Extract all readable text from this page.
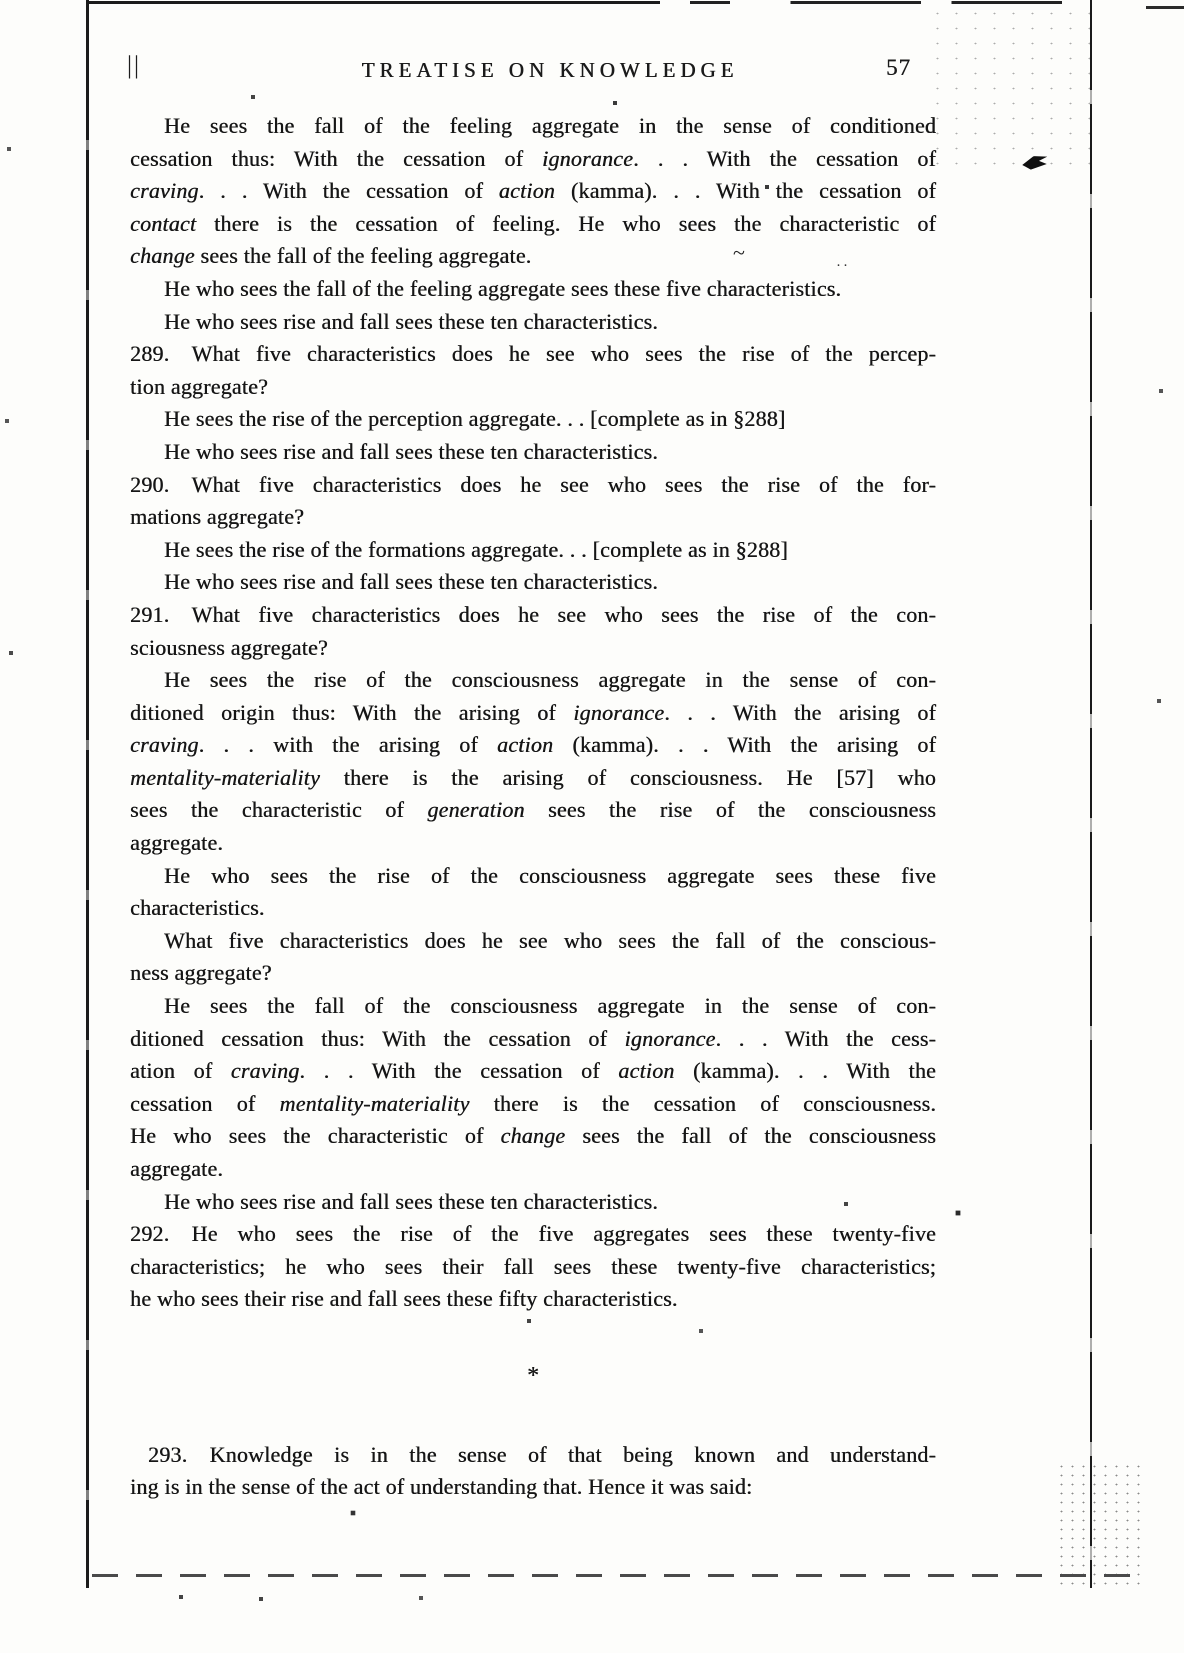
~
··
||	TREATISE ON KNOWLEDGE	57
He sees the fall of the feeling aggregate in the sense of conditioned
cessation thus: With the cessation of ignorance. . . With the cessation of
craving. . . With the cessation of action (kamma). . . With the cessation of
contact there is the cessation of feeling. He who sees the characteristic of
change sees the fall of the feeling aggregate.
He who sees the fall of the feeling aggregate sees these five characteristics.
He who sees rise and fall sees these ten characteristics.
289. What five characteristics does he see who sees the rise of the percep-
tion aggregate?
He sees the rise of the perception aggregate. . . [complete as in §288]
He who sees rise and fall sees these ten characteristics.
290. What five characteristics does he see who sees the rise of the for-
mations aggregate?
He sees the rise of the formations aggregate. . . [complete as in §288]
He who sees rise and fall sees these ten characteristics.
291. What five characteristics does he see who sees the rise of the con-
sciousness aggregate?
He sees the rise of the consciousness aggregate in the sense of con-
ditioned origin thus: With the arising of ignorance. . . With the arising of
craving. . . with the arising of action (kamma). . . With the arising of
mentality-materiality there is the arising of consciousness. He [57] who
sees the characteristic of generation sees the rise of the consciousness
aggregate.
He who sees the rise of the consciousness aggregate sees these five
characteristics.
What five characteristics does he see who sees the fall of the conscious-
ness aggregate?
He sees the fall of the consciousness aggregate in the sense of con-
ditioned cessation thus: With the cessation of ignorance. . . With the cess-
ation of craving. . . With the cessation of action (kamma). . . With the
cessation of mentality-materiality there is the cessation of consciousness.
He who sees the characteristic of change sees the fall of the consciousness
aggregate.
He who sees rise and fall sees these ten characteristics.
292. He who sees the rise of the five aggregates sees these twenty-five
characteristics; he who sees their fall sees these twenty-five characteristics;
he who sees their rise and fall sees these fifty characteristics.
*
293. Knowledge is in the sense of that being known and understand-
ing is in the sense of the act of understanding that. Hence it was said:
